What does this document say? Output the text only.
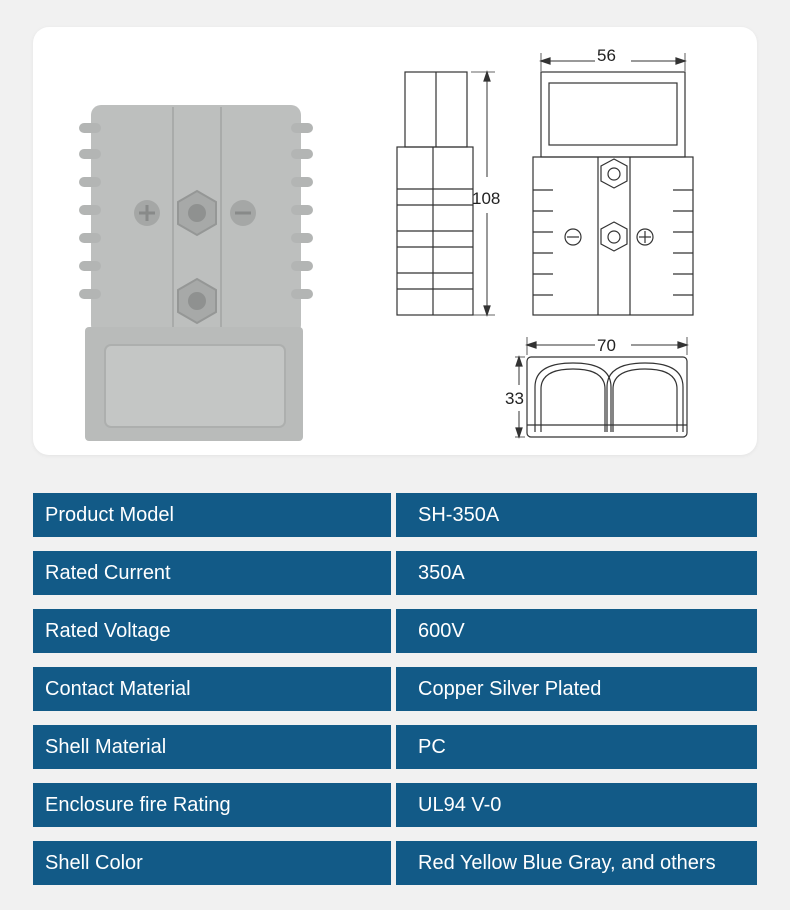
108
56
70
33
Product Model	SH-350A
Rated Current	350A
Rated Voltage	600V
Contact Material	Copper Silver Plated
Shell Material	PC
Enclosure fire Rating	UL94 V-0
Shell Color	Red Yellow Blue Gray, and others
